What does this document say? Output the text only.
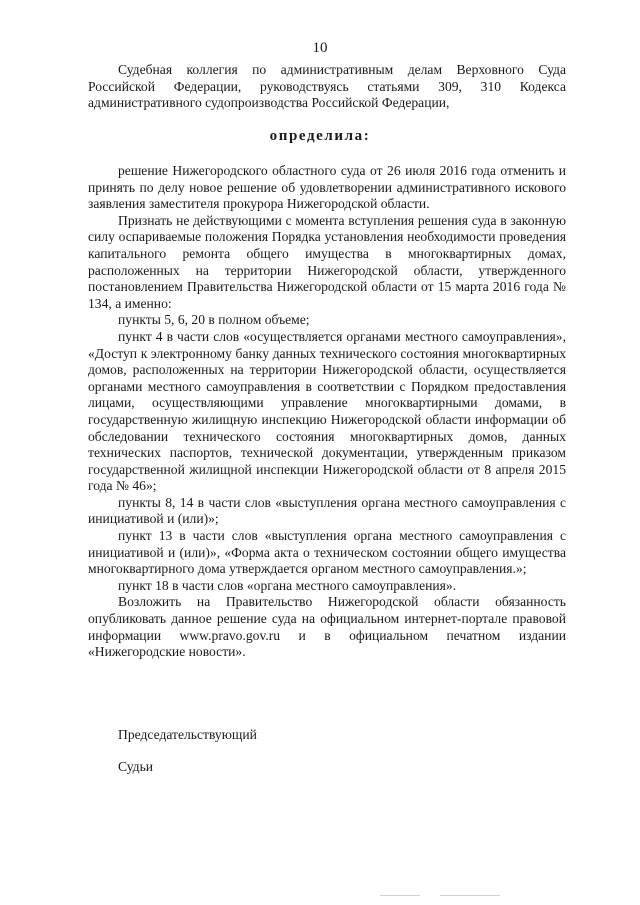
10

Судебная коллегия по административным делам Верховного Суда Российской Федерации, руководствуясь статьями 309, 310 Кодекса административного судопроизводства Российской Федерации,

определила:

решение Нижегородского областного суда от 26 июля 2016 года отменить и принять по делу новое решение об удовлетворении административного искового заявления заместителя прокурора Нижегородской области.

Признать не действующими с момента вступления решения суда в законную силу оспариваемые положения Порядка установления необходимости проведения капитального ремонта общего имущества в многоквартирных домах, расположенных на территории Нижегородской области, утвержденного постановлением Правительства Нижегородской области от 15 марта 2016 года № 134, а именно:

пункты 5, 6, 20 в полном объеме;

пункт 4 в части слов «осуществляется органами местного самоуправления», «Доступ к электронному банку данных технического состояния многоквартирных домов, расположенных на территории Нижегородской области, осуществляется органами местного самоуправления в соответствии с Порядком предоставления лицами, осуществляющими управление многоквартирными домами, в государственную жилищную инспекцию Нижегородской области информации об обследовании технического состояния многоквартирных домов, данных технических паспортов, технической документации, утвержденным приказом государственной жилищной инспекции Нижегородской области от 8 апреля 2015 года № 46»;

пункты 8, 14 в части слов «выступления органа местного самоуправления с инициативой и (или)»;

пункт 13 в части слов «выступления органа местного самоуправления с инициативой и (или)», «Форма акта о техническом состоянии общего имущества многоквартирного дома утверждается органом местного самоуправления.»;

пункт 18 в части слов «органа местного самоуправления».

Возложить на Правительство Нижегородской области обязанность опубликовать данное решение суда на официальном интернет-портале правовой информации www.pravo.gov.ru и в официальном печатном издании «Нижегородские новости».

Председательствующий
Судьи
